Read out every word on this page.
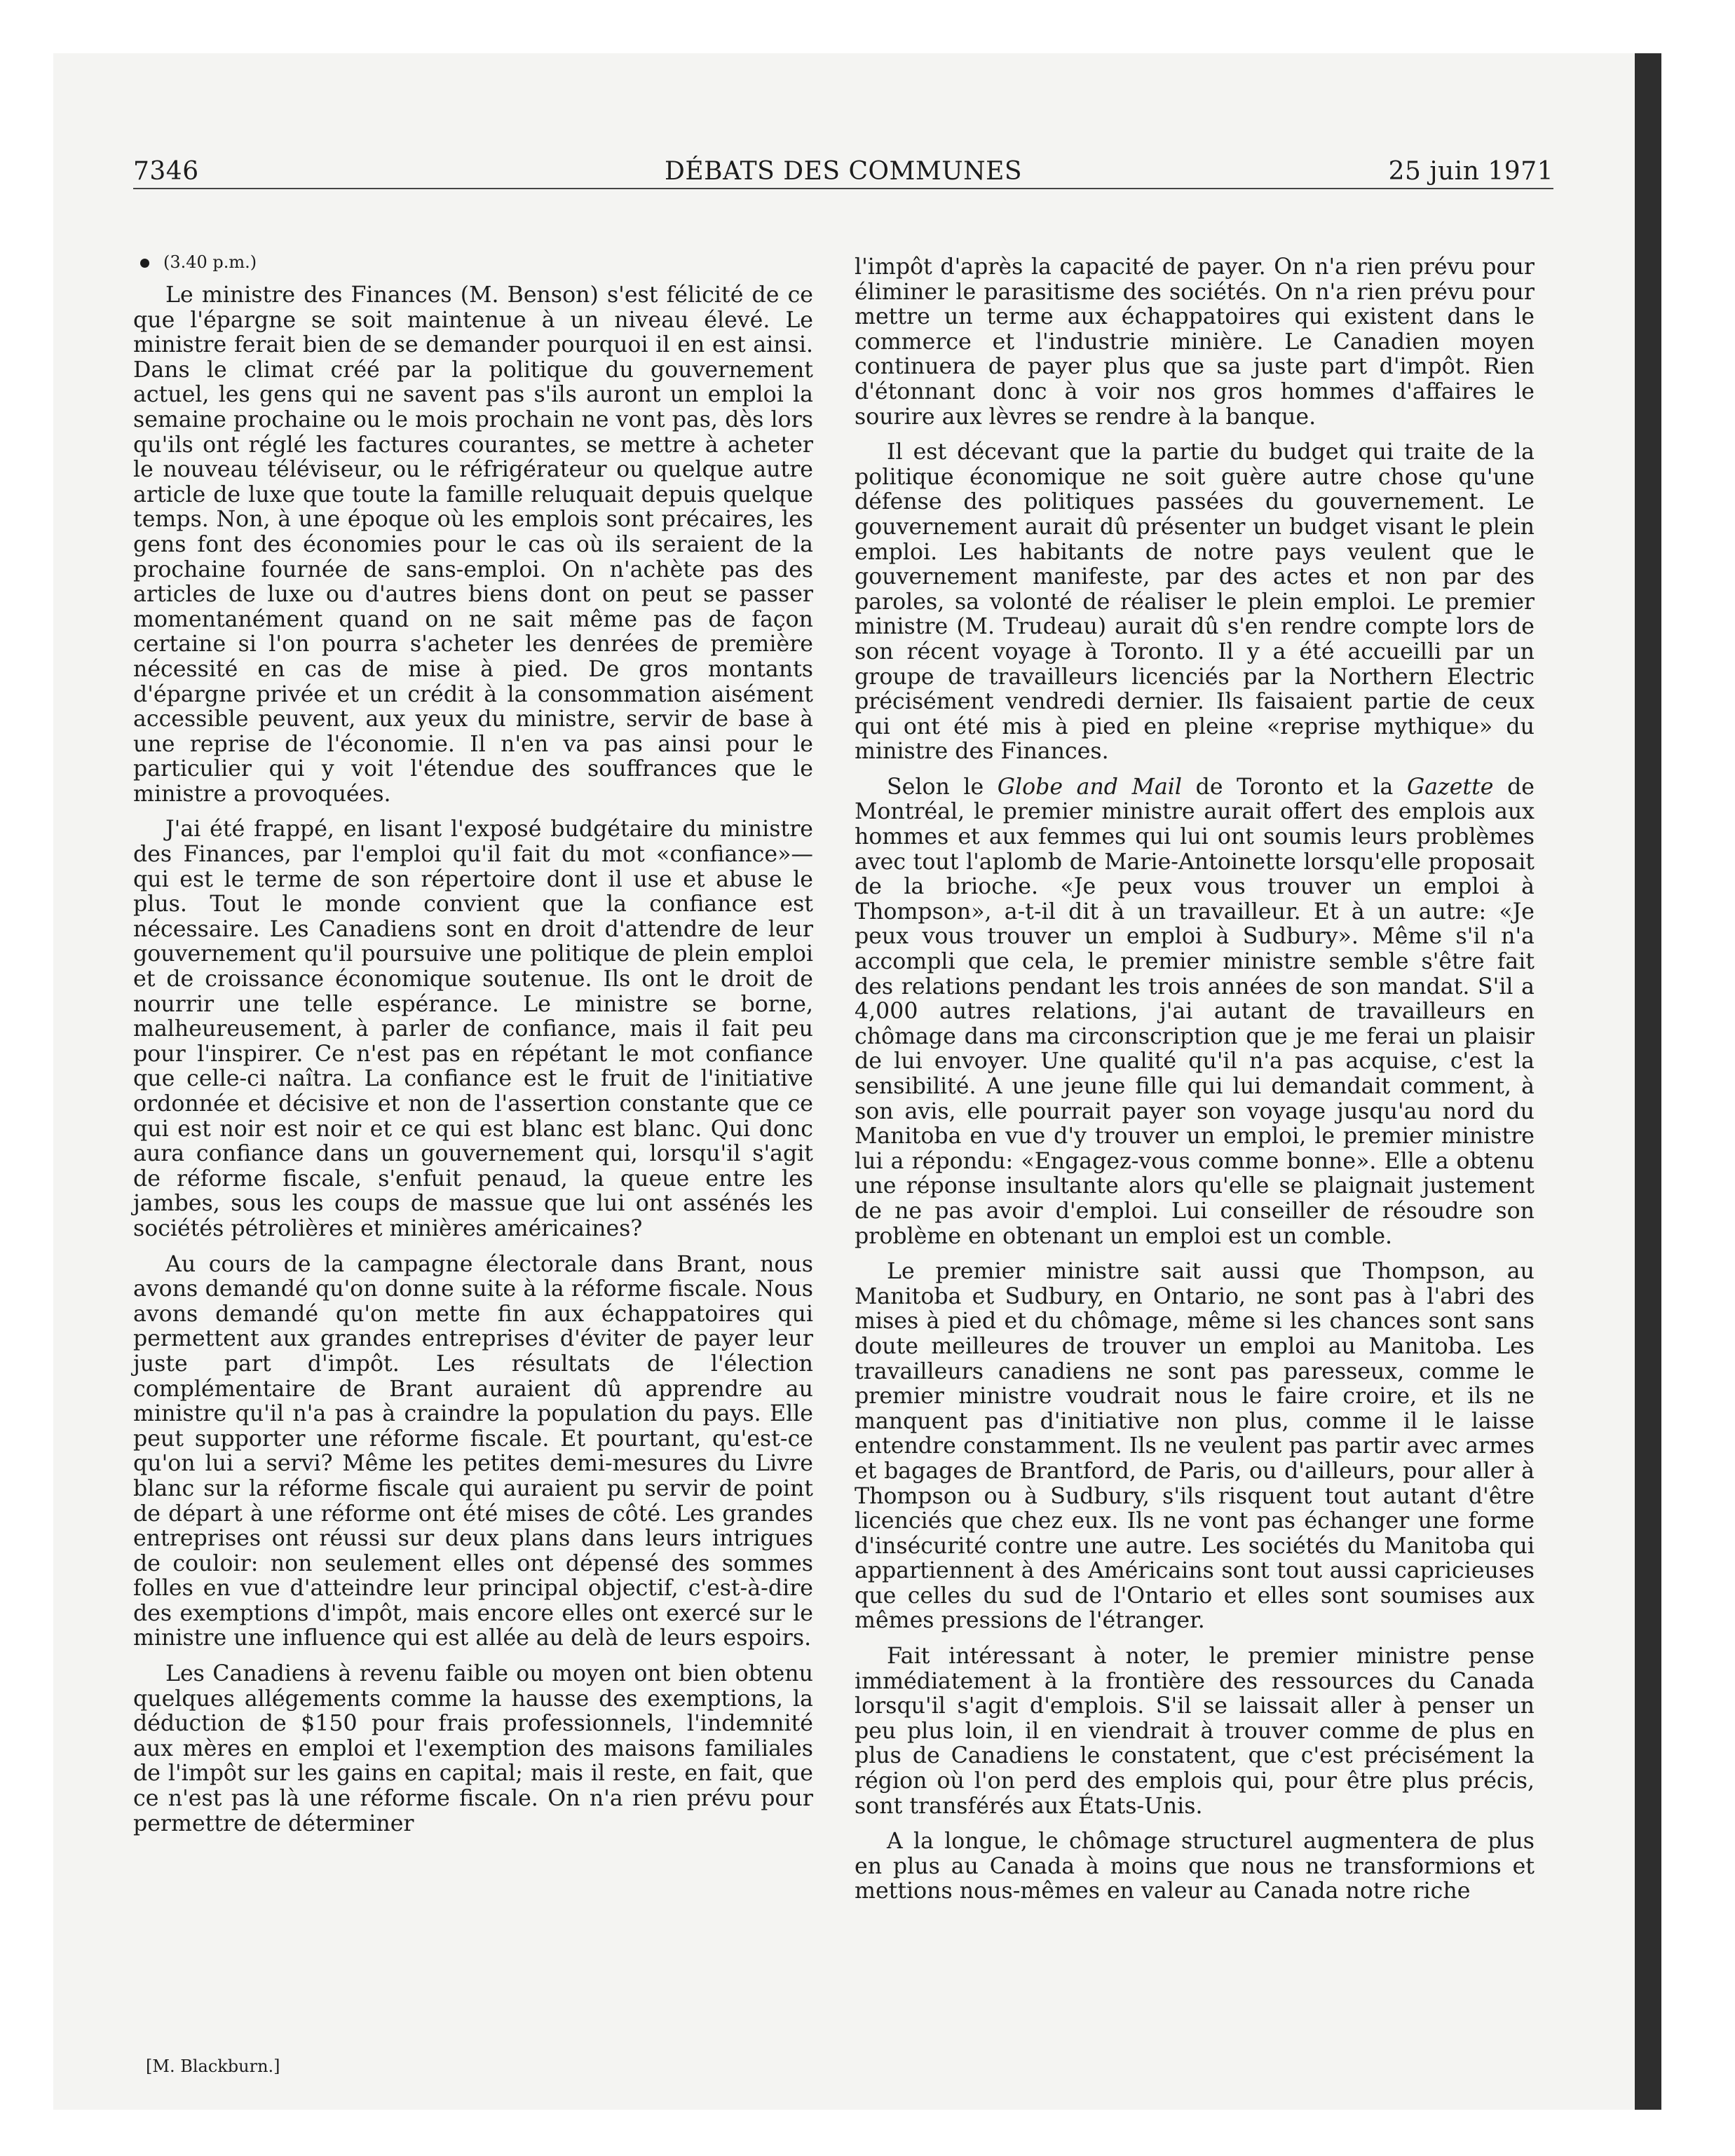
7346	DÉBATS DES COMMUNES	25 juin 1971
(3.40 p.m.)

Le ministre des Finances (M. Benson) s'est félicité de ce que l'épargne se soit maintenue à un niveau élevé. Le ministre ferait bien de se demander pourquoi il en est ainsi. Dans le climat créé par la politique du gouvernement actuel, les gens qui ne savent pas s'ils auront un emploi la semaine prochaine ou le mois prochain ne vont pas, dès lors qu'ils ont réglé les factures courantes, se mettre à acheter le nouveau téléviseur, ou le réfrigérateur ou quelque autre article de luxe que toute la famille reluquait depuis quelque temps. Non, à une époque où les emplois sont précaires, les gens font des économies pour le cas où ils seraient de la prochaine fournée de sans-emploi. On n'achète pas des articles de luxe ou d'autres biens dont on peut se passer momentanément quand on ne sait même pas de façon certaine si l'on pourra s'acheter les denrées de première nécessité en cas de mise à pied. De gros montants d'épargne privée et un crédit à la consommation aisément accessible peuvent, aux yeux du ministre, servir de base à une reprise de l'économie. Il n'en va pas ainsi pour le particulier qui y voit l'étendue des souffrances que le ministre a provoquées.

J'ai été frappé, en lisant l'exposé budgétaire du ministre des Finances, par l'emploi qu'il fait du mot «confiance»—qui est le terme de son répertoire dont il use et abuse le plus. Tout le monde convient que la confiance est nécessaire. Les Canadiens sont en droit d'attendre de leur gouvernement qu'il poursuive une politique de plein emploi et de croissance économique soutenue. Ils ont le droit de nourrir une telle espérance. Le ministre se borne, malheureusement, à parler de confiance, mais il fait peu pour l'inspirer. Ce n'est pas en répétant le mot confiance que celle-ci naîtra. La confiance est le fruit de l'initiative ordonnée et décisive et non de l'assertion constante que ce qui est noir est noir et ce qui est blanc est blanc. Qui donc aura confiance dans un gouvernement qui, lorsqu'il s'agit de réforme fiscale, s'enfuit penaud, la queue entre les jambes, sous les coups de massue que lui ont assénés les sociétés pétrolières et minières américaines?

Au cours de la campagne électorale dans Brant, nous avons demandé qu'on donne suite à la réforme fiscale. Nous avons demandé qu'on mette fin aux échappatoires qui permettent aux grandes entreprises d'éviter de payer leur juste part d'impôt. Les résultats de l'élection complémentaire de Brant auraient dû apprendre au ministre qu'il n'a pas à craindre la population du pays. Elle peut supporter une réforme fiscale. Et pourtant, qu'est-ce qu'on lui a servi? Même les petites demi-mesures du Livre blanc sur la réforme fiscale qui auraient pu servir de point de départ à une réforme ont été mises de côté. Les grandes entreprises ont réussi sur deux plans dans leurs intrigues de couloir: non seulement elles ont dépensé des sommes folles en vue d'atteindre leur principal objectif, c'est-à-dire des exemptions d'impôt, mais encore elles ont exercé sur le ministre une influence qui est allée au delà de leurs espoirs.

Les Canadiens à revenu faible ou moyen ont bien obtenu quelques allégements comme la hausse des exemptions, la déduction de $150 pour frais professionnels, l'indemnité aux mères en emploi et l'exemption des maisons familiales de l'impôt sur les gains en capital; mais il reste, en fait, que ce n'est pas là une réforme fiscale. On n'a rien prévu pour permettre de déterminer

[M. Blackburn.]

l'impôt d'après la capacité de payer. On n'a rien prévu pour éliminer le parasitisme des sociétés. On n'a rien prévu pour mettre un terme aux échappatoires qui existent dans le commerce et l'industrie minière. Le Canadien moyen continuera de payer plus que sa juste part d'impôt. Rien d'étonnant donc à voir nos gros hommes d'affaires le sourire aux lèvres se rendre à la banque.

Il est décevant que la partie du budget qui traite de la politique économique ne soit guère autre chose qu'une défense des politiques passées du gouvernement. Le gouvernement aurait dû présenter un budget visant le plein emploi. Les habitants de notre pays veulent que le gouvernement manifeste, par des actes et non par des paroles, sa volonté de réaliser le plein emploi. Le premier ministre (M. Trudeau) aurait dû s'en rendre compte lors de son récent voyage à Toronto. Il y a été accueilli par un groupe de travailleurs licenciés par la Northern Electric précisément vendredi dernier. Ils faisaient partie de ceux qui ont été mis à pied en pleine «reprise mythique» du ministre des Finances.

Selon le Globe and Mail de Toronto et la Gazette de Montréal, le premier ministre aurait offert des emplois aux hommes et aux femmes qui lui ont soumis leurs problèmes avec tout l'aplomb de Marie-Antoinette lorsqu'elle proposait de la brioche. «Je peux vous trouver un emploi à Thompson», a-t-il dit à un travailleur. Et à un autre: «Je peux vous trouver un emploi à Sudbury». Même s'il n'a accompli que cela, le premier ministre semble s'être fait des relations pendant les trois années de son mandat. S'il a 4,000 autres relations, j'ai autant de travailleurs en chômage dans ma circonscription que je me ferai un plaisir de lui envoyer. Une qualité qu'il n'a pas acquise, c'est la sensibilité. A une jeune fille qui lui demandait comment, à son avis, elle pourrait payer son voyage jusqu'au nord du Manitoba en vue d'y trouver un emploi, le premier ministre lui a répondu: «Engagez-vous comme bonne». Elle a obtenu une réponse insultante alors qu'elle se plaignait justement de ne pas avoir d'emploi. Lui conseiller de résoudre son problème en obtenant un emploi est un comble.

Le premier ministre sait aussi que Thompson, au Manitoba et Sudbury, en Ontario, ne sont pas à l'abri des mises à pied et du chômage, même si les chances sont sans doute meilleures de trouver un emploi au Manitoba. Les travailleurs canadiens ne sont pas paresseux, comme le premier ministre voudrait nous le faire croire, et ils ne manquent pas d'initiative non plus, comme il le laisse entendre constamment. Ils ne veulent pas partir avec armes et bagages de Brantford, de Paris, ou d'ailleurs, pour aller à Thompson ou à Sudbury, s'ils risquent tout autant d'être licenciés que chez eux. Ils ne vont pas échanger une forme d'insécurité contre une autre. Les sociétés du Manitoba qui appartiennent à des Américains sont tout aussi capricieuses que celles du sud de l'Ontario et elles sont soumises aux mêmes pressions de l'étranger.

Fait intéressant à noter, le premier ministre pense immédiatement à la frontière des ressources du Canada lorsqu'il s'agit d'emplois. S'il se laissait aller à penser un peu plus loin, il en viendrait à trouver comme de plus en plus de Canadiens le constatent, que c'est précisément la région où l'on perd des emplois qui, pour être plus précis, sont transférés aux États-Unis.

A la longue, le chômage structurel augmentera de plus en plus au Canada à moins que nous ne transformions et mettions nous-mêmes en valeur au Canada notre riche
